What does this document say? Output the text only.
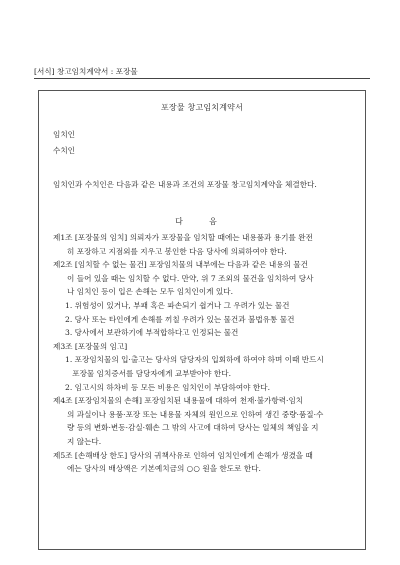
[서식] 창고임치계약서 : 포장물
포장물 창고임치계약서
임치인
수치인
임치인과 수치인은 다음과 같은 내용과 조건의 포장물 창고임치계약을 체결한다.
다 음
제1조 [포장물의 임치] 의뢰자가 포장물을 임치할 때에는 내용품과 용기를 완전
히 포장하고 지점외를 지우고 봉인한 다음 당사에 의뢰하여야 한다.
제2조 [임치할 수 없는 물건] 포장임치물의 내부에는 다음과 같은 내용의 물건
이 들어 있을 때는 임치할 수 없다. 만약, 위 7 조외의 물건을 임치하여 당사
나 임치인 등이 입은 손해는 모두 임치인이게 있다.
1. 위험성이 있거나, 부패 혹은 파손되기 쉽거나 그 우려가 있는 물건
2. 당사 또는 타인에게 손해를 끼칠 우려가 있는 물건과 불법유통 물건
3. 당사에서 보관하기에 부적합하다고 인정되는 물건
제3조 [포장물의 임고]
1. 포장임치물의 입·출고는 당사의 담당자의 입회하에 하여야 하며 이때 반드시
포장물 임치증서를 담당자에게 교부받아야 한다.
2. 임고시의 하차비 등 모든 비용은 임치인이 부담하여야 한다.
제4조 [포장임치물의 손해] 포장임치된 내용물에 대하여 천재·불가항력·임치
의 과실이나 용품·포장 또는 내용물 자체의 원인으로 인하여 생긴 중량·품질·수
량 등의 변화·변동·감실·훼손 그 밖의 사고에 대하여 당사는 일체의 책임을 지
지 않는다.
제5조 [손해배상 한도] 당사의 귀책사유로 인하여 임치인에게 손해가 생겼을 때
에는 당사의 배상액은 기본예치금의 ○○ 원을 한도로 한다.
